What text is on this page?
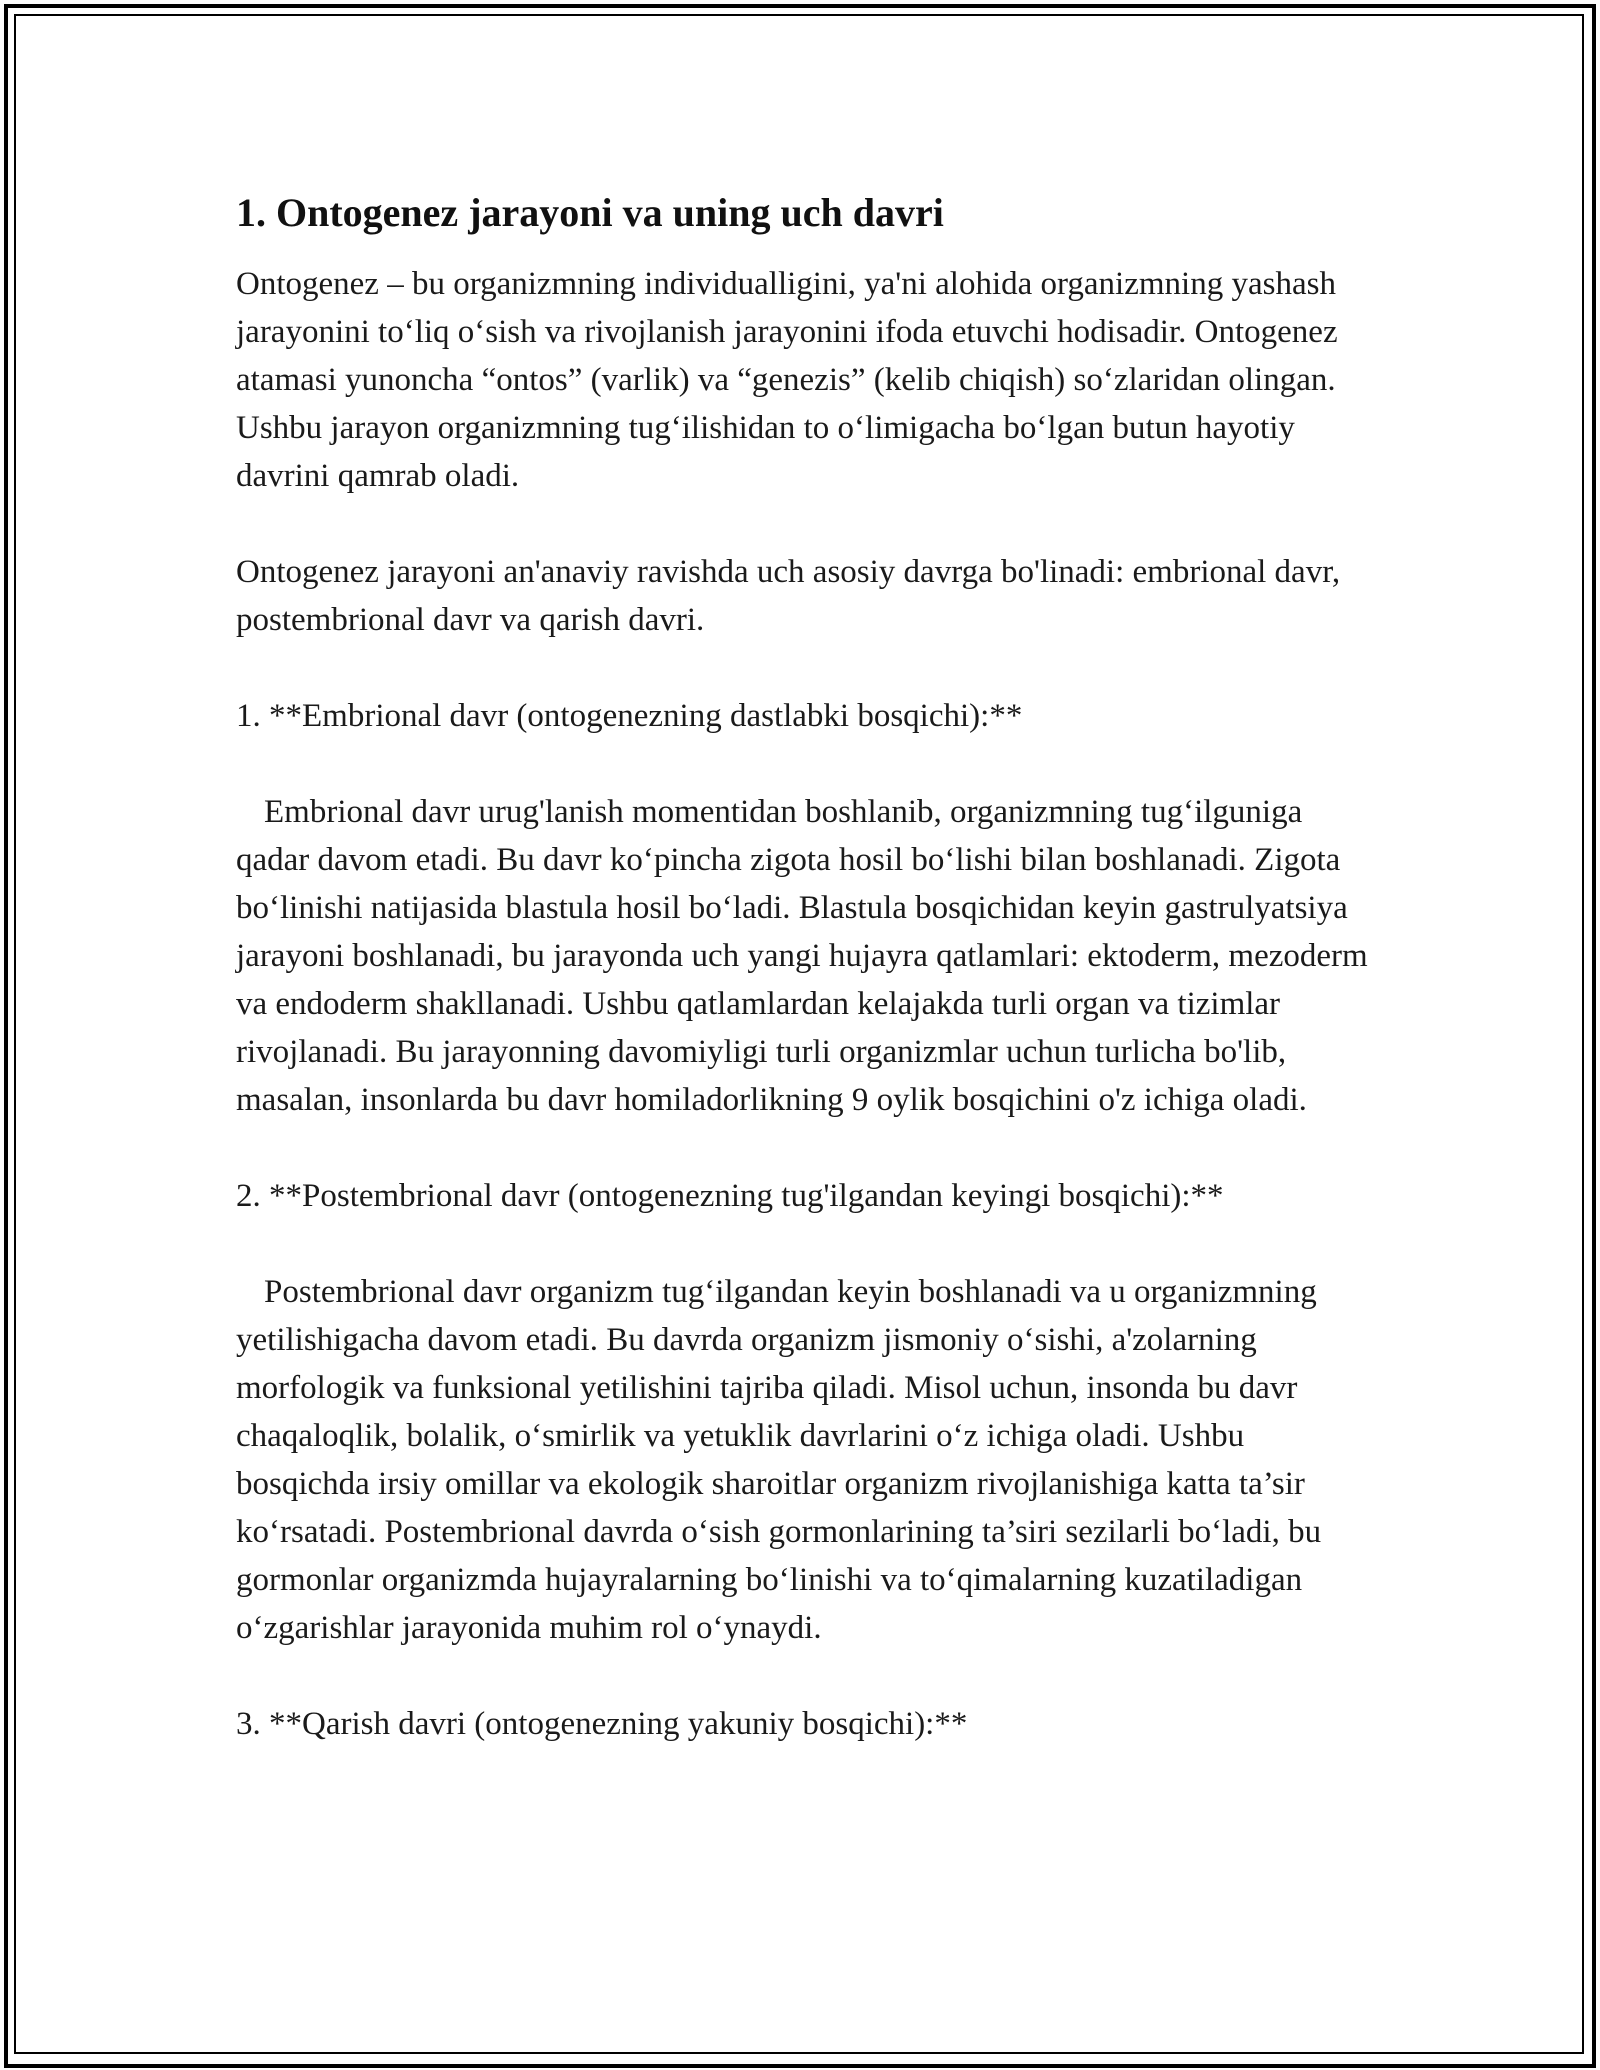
1. Ontogenez jarayoni va uning uch davri

Ontogenez – bu organizmning individualligini, ya'ni alohida organizmning yashash jarayonini to‘liq o‘sish va rivojlanish jarayonini ifoda etuvchi hodisadir. Ontogenez atamasi yunoncha “ontos” (varlik) va “genezis” (kelib chiqish) so‘zlaridan olingan. Ushbu jarayon organizmning tug‘ilishidan to o‘limigacha bo‘lgan butun hayotiy davrini qamrab oladi.

Ontogenez jarayoni an'anaviy ravishda uch asosiy davrga bo'linadi: embrional davr, postembrional davr va qarish davri.

1. **Embrional davr (ontogenezning dastlabki bosqichi):**

Embrional davr urug'lanish momentidan boshlanib, organizmning tug‘ilguniga qadar davom etadi. Bu davr ko‘pincha zigota hosil bo‘lishi bilan boshlanadi. Zigota bo‘linishi natijasida blastula hosil bo‘ladi. Blastula bosqichidan keyin gastrulyatsiya jarayoni boshlanadi, bu jarayonda uch yangi hujayra qatlamlari: ektoderm, mezoderm va endoderm shakllanadi. Ushbu qatlamlardan kelajakda turli organ va tizimlar rivojlanadi. Bu jarayonning davomiyligi turli organizmlar uchun turlicha bo'lib, masalan, insonlarda bu davr homiladorlikning 9 oylik bosqichini o'z ichiga oladi.

2. **Postembrional davr (ontogenezning tug'ilgandan keyingi bosqichi):**

Postembrional davr organizm tug‘ilgandan keyin boshlanadi va u organizmning yetilishigacha davom etadi. Bu davrda organizm jismoniy o‘sishi, a'zolarning morfologik va funksional yetilishini tajriba qiladi. Misol uchun, insonda bu davr chaqaloqlik, bolalik, o‘smirlik va yetuklik davrlarini o‘z ichiga oladi. Ushbu bosqichda irsiy omillar va ekologik sharoitlar organizm rivojlanishiga katta ta’sir ko‘rsatadi. Postembrional davrda o‘sish gormonlarining ta’siri sezilarli bo‘ladi, bu gormonlar organizmda hujayralarning bo‘linishi va to‘qimalarning kuzatiladigan o‘zgarishlar jarayonida muhim rol o‘ynaydi.

3. **Qarish davri (ontogenezning yakuniy bosqichi):**
